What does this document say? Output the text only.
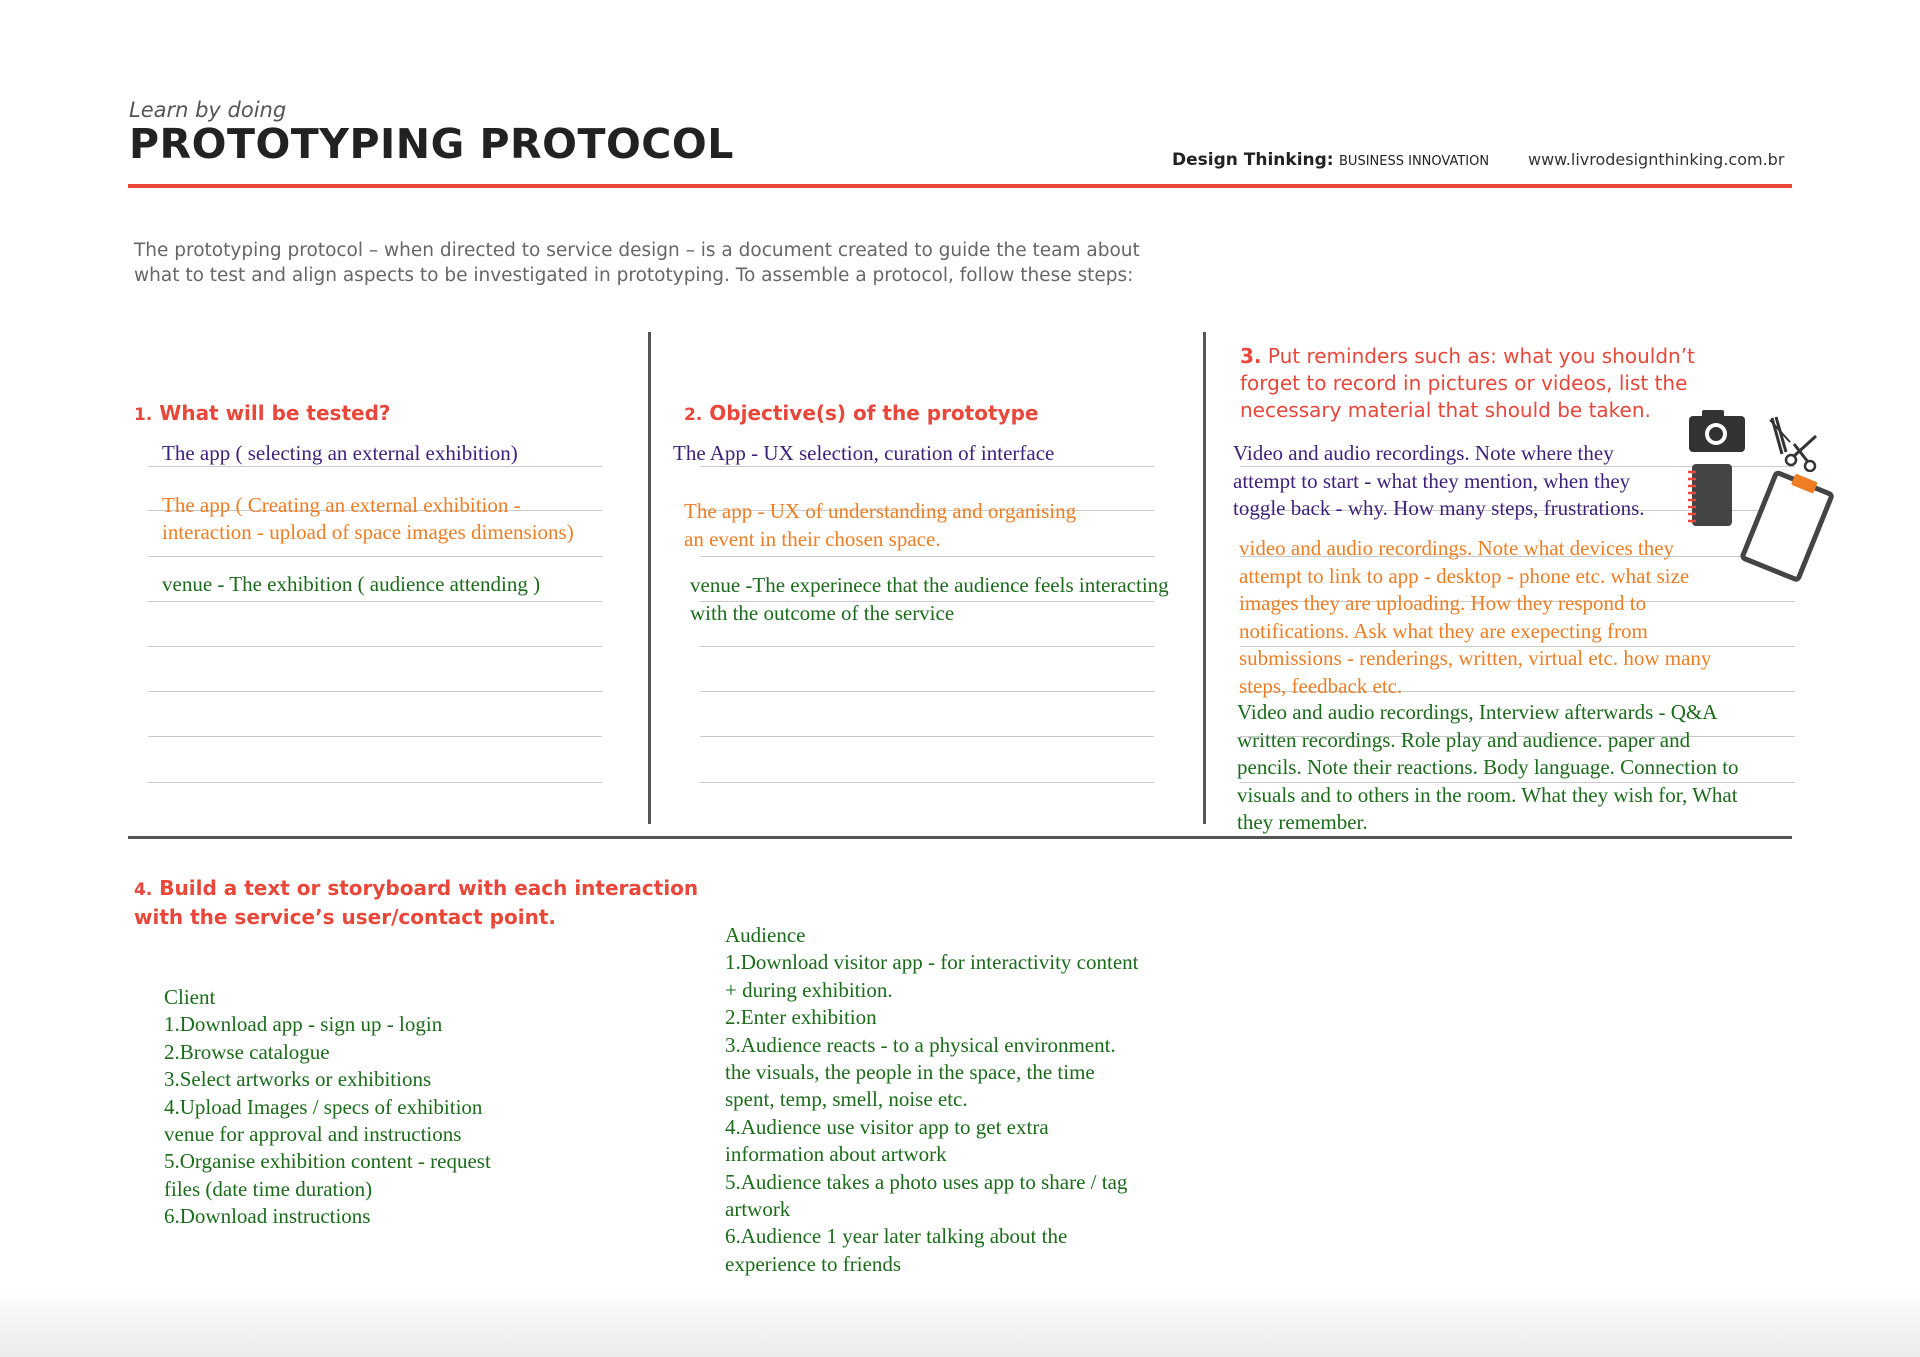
Learn by doing
PROTOTYPING PROTOCOL	Design Thinking: BUSINESS INNOVATION www.livrodesignthinking.com.br
The prototyping protocol – when directed to service design – is a document created to guide the team about
what to test and align aspects to be investigated in prototyping. To assemble a protocol, follow these steps:
1. What will be tested?
The app ( selecting an external exhibition)
The app ( Creating an external exhibition -
interaction - upload of space images dimensions)
venue - The exhibition ( audience attending )
2. Objective(s) of the prototype
The App - UX selection, curation of interface
The app - UX of understanding and organising
an event in their chosen space.
venue -The experinece that the audience feels interacting
with the outcome of the service
3. Put reminders such as: what you shouldn’t
forget to record in pictures or videos, list the
necessary material that should be taken.
Video and audio recordings. Note where they
attempt to start - what they mention, when they
toggle back - why. How many steps, frustrations.
video and audio recordings. Note what devices they
attempt to link to app - desktop - phone etc. what size
images they are uploading. How they respond to
notifications. Ask what they are exepecting from
submissions - renderings, written, virtual etc. how many
steps, feedback etc.
Video and audio recordings, Interview afterwards - Q&A
written recordings. Role play and audience. paper and
pencils. Note their reactions. Body language. Connection to
visuals and to others in the room. What they wish for, What
they remember.
4. Build a text or storyboard with each interaction
with the service’s user/contact point.
Client
1.Download app - sign up - login
2.Browse catalogue
3.Select artworks or exhibitions
4.Upload Images / specs of exhibition
venue for approval and instructions
5.Organise exhibition content - request
files (date time duration)
6.Download instructions
Audience
1.Download visitor app - for interactivity content
+ during exhibition.
2.Enter exhibition
3.Audience reacts - to a physical environment.
the visuals, the people in the space, the time
spent, temp, smell, noise etc.
4.Audience use visitor app to get extra
information about artwork
5.Audience takes a photo uses app to share / tag
artwork
6.Audience 1 year later talking about the
experience to friends
